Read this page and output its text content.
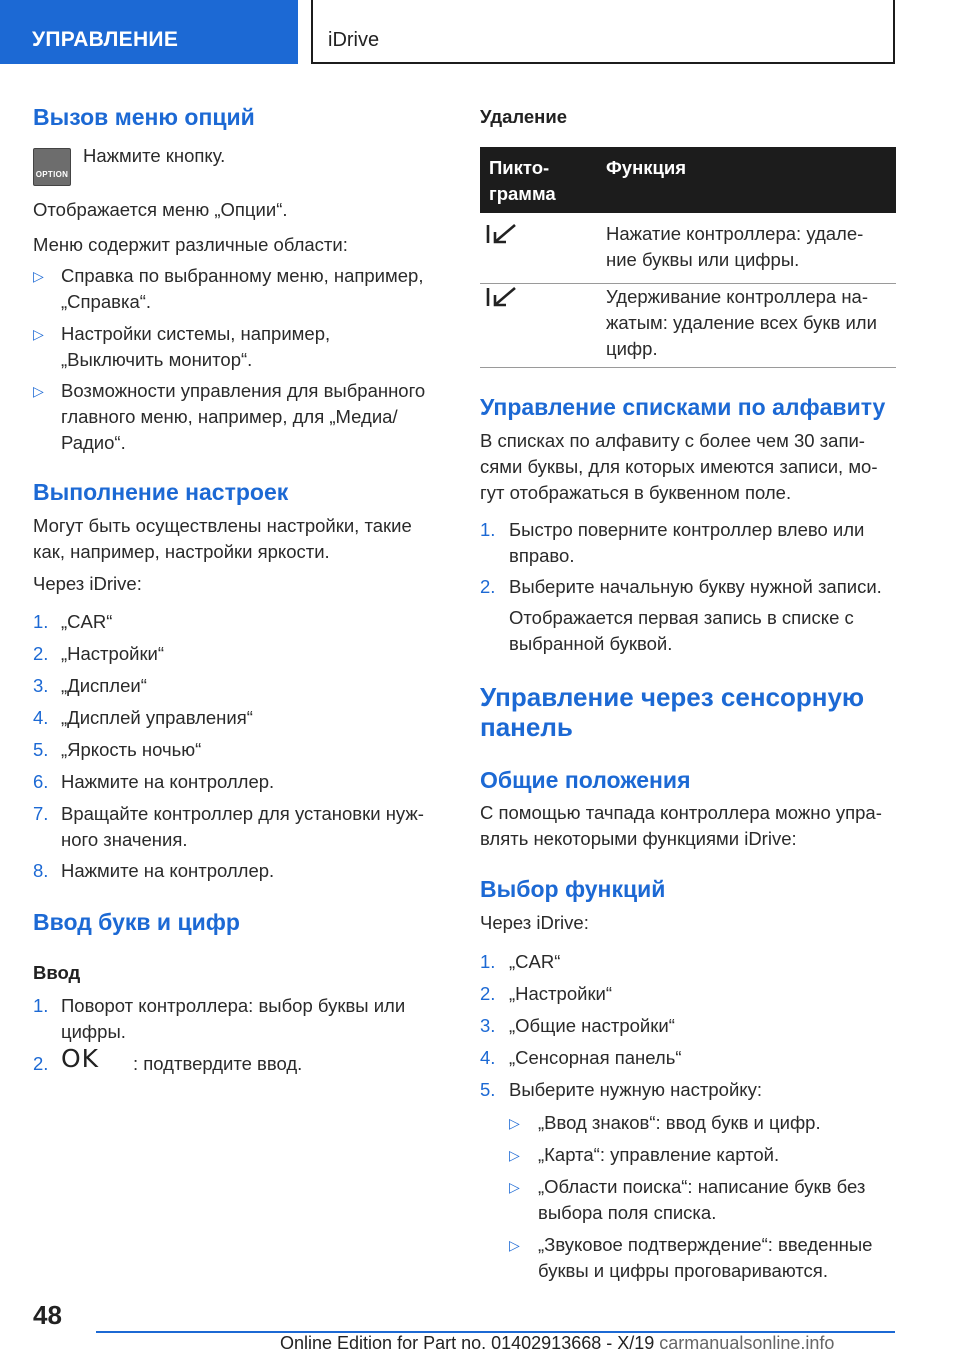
УПРАВЛЕНИЕ	iDrive
Вызов меню опций
OPTION
Нажмите кнопку.
Отображается меню „Опции“.
Меню содержит различные области:
▷ Справка по выбранному меню, например,
„Справка“.
▷ Настройки системы, например,
„Выключить монитор“.
▷ Возможности управления для выбранного
главного меню, например, для „Медиа/
Радио“.
Выполнение настроек
Могут быть осуществлены настройки, такие
как, например, настройки яркости.
Через iDrive:
1. „CAR“
2. „Настройки“
3. „Дисплеи“
4. „Дисплей управления“
5. „Яркость ночью“
6. Нажмите на контроллер.
7. Вращайте контроллер для установки нуж-
ного значения.
8. Нажмите на контроллер.
Ввод букв и цифр
Ввод
1. Поворот контроллера: выбор буквы или
цифры.
2. OK : подтвердите ввод.
Удаление
Пикто-
грамма
Функция
Нажатие контроллера: удале-
ние буквы или цифры.
Удерживание контроллера на-
жатым: удаление всех букв или
цифр.
Управление списками по алфавиту
В списках по алфавиту с более чем 30 запи-
сями буквы, для которых имеются записи, мо-
гут отображаться в буквенном поле.
1. Быстро поверните контроллер влево или
вправо.
2. Выберите начальную букву нужной записи.
Отображается первая запись в списке с
выбранной буквой.
Управление через сенсорную
панель
Общие положения
С помощью тачпада контроллера можно упра-
влять некоторыми функциями iDrive:
Выбор функций
Через iDrive:
1. „CAR“
2. „Настройки“
3. „Общие настройки“
4. „Сенсорная панель“
5. Выберите нужную настройку:
▷ „Ввод знаков“: ввод букв и цифр.
▷ „Карта“: управление картой.
▷ „Области поиска“: написание букв без
выбора поля списка.
▷ „Звуковое подтверждение“: введенные
буквы и цифры проговариваются.
48
Online Edition for Part no. 01402913668 - X/19 carmanualsonline.info
